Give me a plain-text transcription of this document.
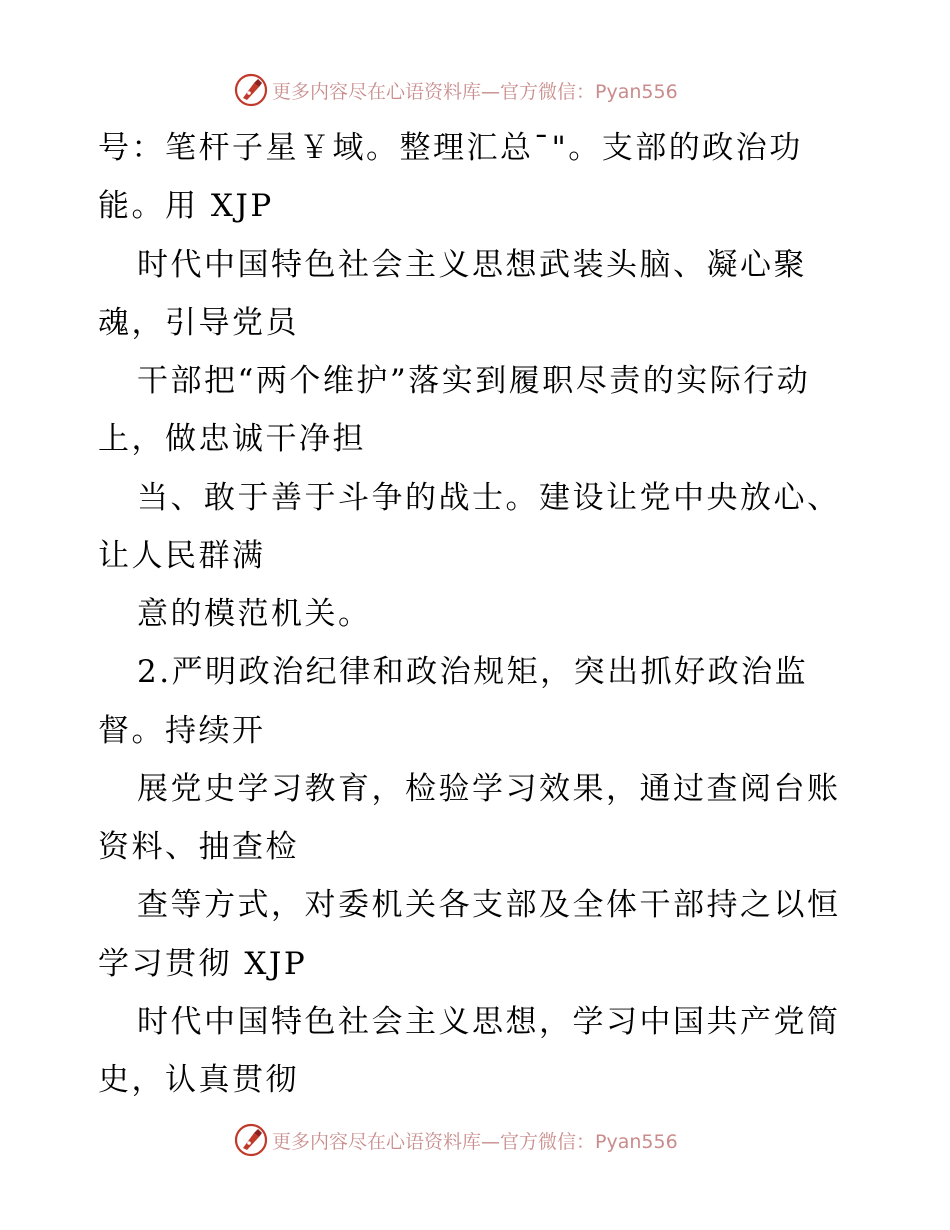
更多内容尽在心语资料库—官方微信：Pyan556
号：笔杆子星￥域。整理汇总¯"。支部的政治功
能。用 XJP
时代中国特色社会主义思想武装头脑、凝心聚
魂，引导党员
干部把“两个维护”落实到履职尽责的实际行动
上，做忠诚干净担
当、敢于善于斗争的战士。建设让党中央放心、
让人民群满
意的模范机关。
2.严明政治纪律和政治规矩，突出抓好政治监
督。持续开
展党史学习教育，检验学习效果，通过查阅台账
资料、抽查检
查等方式，对委机关各支部及全体干部持之以恒
学习贯彻 XJP
时代中国特色社会主义思想，学习中国共产党简
史，认真贯彻
更多内容尽在心语资料库—官方微信：Pyan556
